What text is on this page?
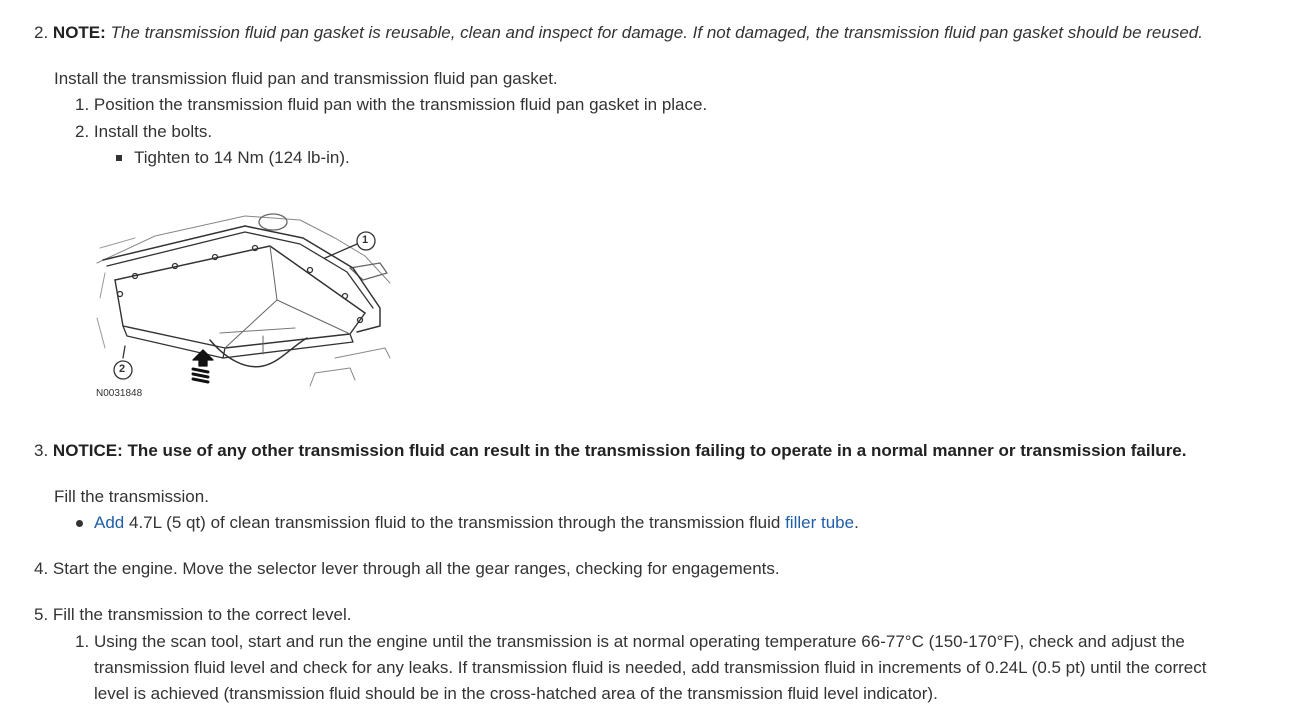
2. NOTE: The transmission fluid pan gasket is reusable, clean and inspect for damage. If not damaged, the transmission fluid pan gasket should be reused.
Install the transmission fluid pan and transmission fluid pan gasket.
1. Position the transmission fluid pan with the transmission fluid pan gasket in place.
2. Install the bolts.
Tighten to 14 Nm (124 lb-in).
1
2
N0031848
3. NOTICE: The use of any other transmission fluid can result in the transmission failing to operate in a normal manner or transmission failure.
Fill the transmission.
Add 4.7L (5 qt) of clean transmission fluid to the transmission through the transmission fluid filler tube.
4. Start the engine. Move the selector lever through all the gear ranges, checking for engagements.
5. Fill the transmission to the correct level.
1. Using the scan tool, start and run the engine until the transmission is at normal operating temperature 66-77°C (150-170°F), check and adjust the
transmission fluid level and check for any leaks. If transmission fluid is needed, add transmission fluid in increments of 0.24L (0.5 pt) until the correct
level is achieved (transmission fluid should be in the cross-hatched area of the transmission fluid level indicator).
